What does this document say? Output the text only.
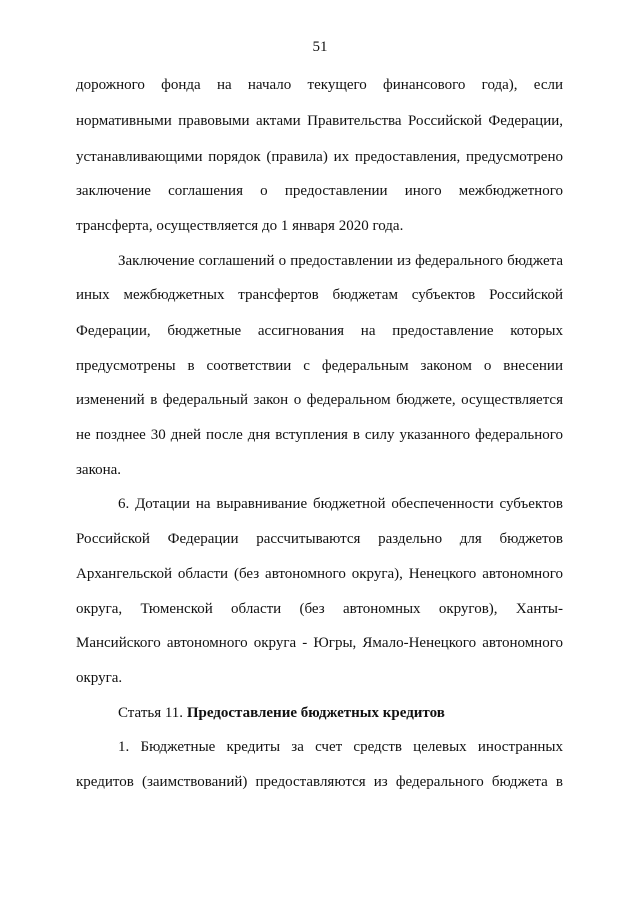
51
дорожного фонда на начало текущего финансового года), если
нормативными правовыми актами Правительства Российской Федерации,
устанавливающими порядок (правила) их предоставления, предусмотрено
заключение соглашения о предоставлении иного межбюджетного
трансферта, осуществляется до 1 января 2020 года.
Заключение соглашений о предоставлении из федерального бюджета
иных межбюджетных трансфертов бюджетам субъектов Российской
Федерации, бюджетные ассигнования на предоставление которых
предусмотрены в соответствии с федеральным законом о внесении
изменений в федеральный закон о федеральном бюджете, осуществляется
не позднее 30 дней после дня вступления в силу указанного федерального
закона.
6. Дотации на выравнивание бюджетной обеспеченности субъектов
Российской Федерации рассчитываются раздельно для бюджетов
Архангельской области (без автономного округа), Ненецкого автономного
округа, Тюменской области (без автономных округов), Ханты-
Мансийского автономного округа - Югры, Ямало-Ненецкого автономного
округа.
Статья 11. Предоставление бюджетных кредитов
1. Бюджетные кредиты за счет средств целевых иностранных
кредитов (заимствований) предоставляются из федерального бюджета в
